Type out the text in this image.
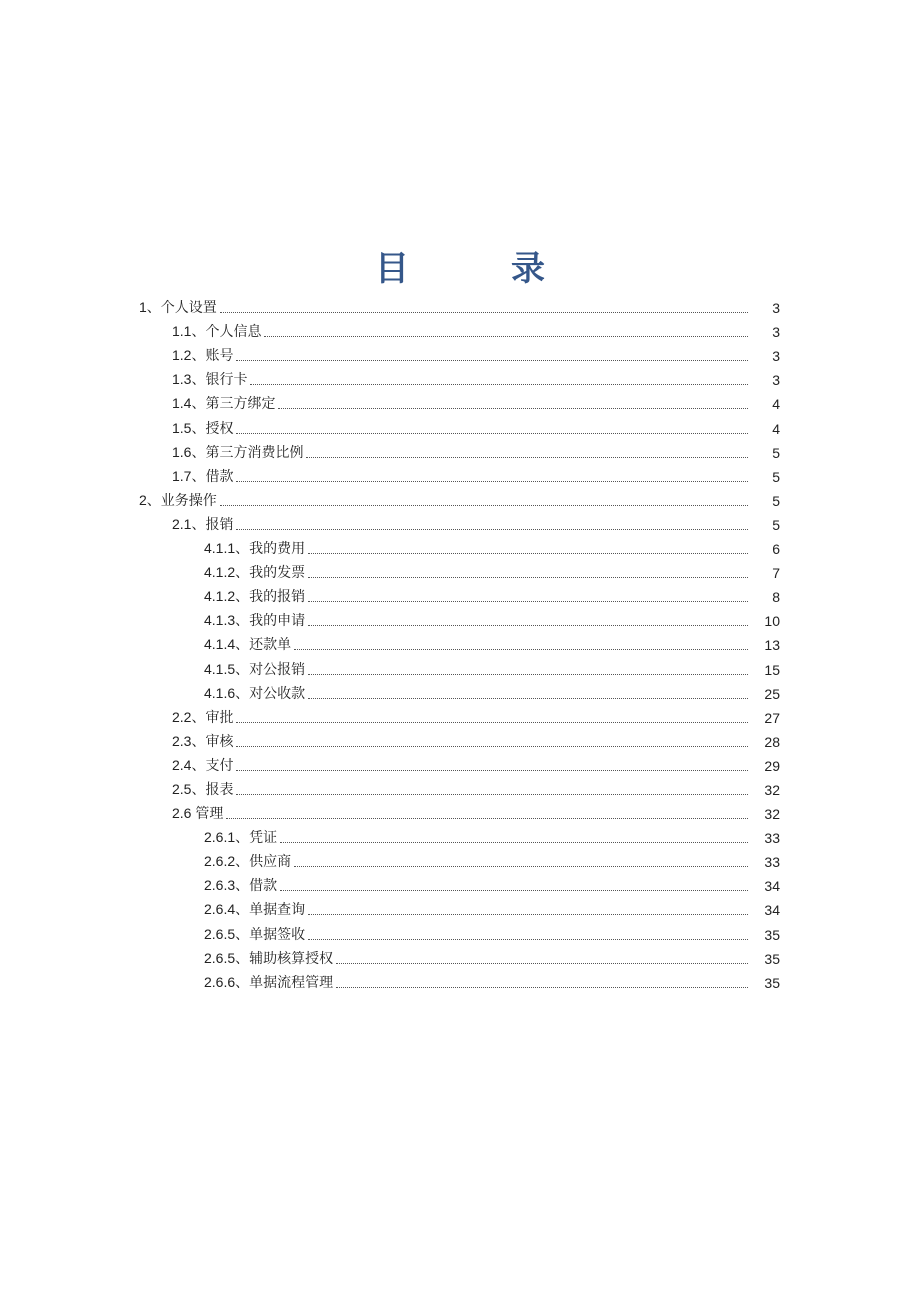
目　录
1、个人设置	3
1.1、个人信息	3
1.2、账号	3
1.3、银行卡	3
1.4、第三方绑定	4
1.5、授权	4
1.6、第三方消费比例	5
1.7、借款	5
2、业务操作	5
2.1、报销	5
4.1.1、我的费用	6
4.1.2、我的发票	7
4.1.2、我的报销	8
4.1.3、我的申请	10
4.1.4、还款单	13
4.1.5、对公报销	15
4.1.6、对公收款	25
2.2、审批	27
2.3、审核	28
2.4、支付	29
2.5、报表	32
2.6 管理	32
2.6.1、凭证	33
2.6.2、供应商	33
2.6.3、借款	34
2.6.4、单据查询	34
2.6.5、单据签收	35
2.6.5、辅助核算授权	35
2.6.6、单据流程管理	35
